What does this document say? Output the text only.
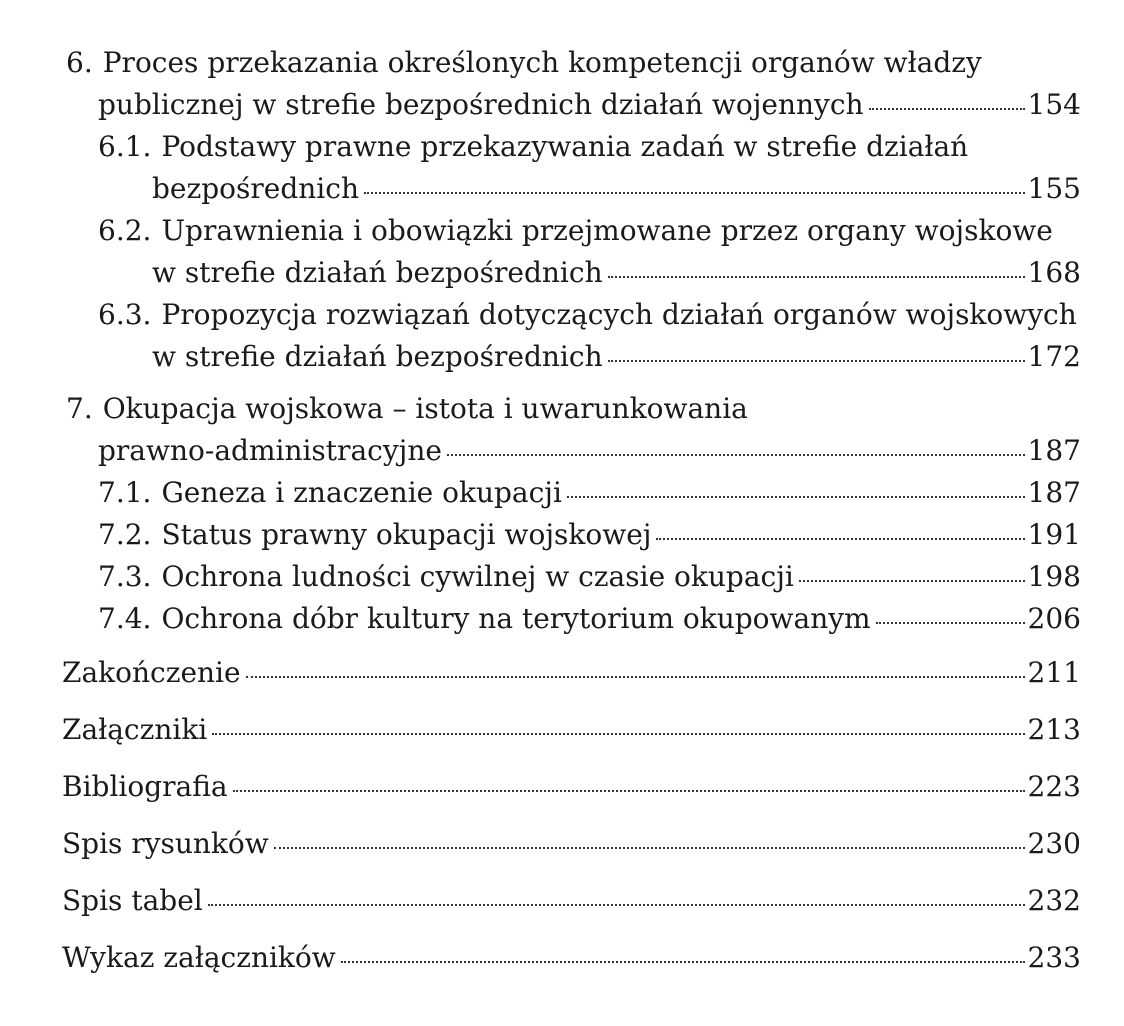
6. Proces przekazania określonych kompetencji organów władzy
publicznej w strefie bezpośrednich działań wojennych	154
6.1. Podstawy prawne przekazywania zadań w strefie działań
bezpośrednich	155
6.2. Uprawnienia i obowiązki przejmowane przez organy wojskowe
w strefie działań bezpośrednich	168
6.3. Propozycja rozwiązań dotyczących działań organów wojskowych
w strefie działań bezpośrednich	172
7. Okupacja wojskowa – istota i uwarunkowania
prawno-administracyjne	187
7.1. Geneza i znaczenie okupacji	187
7.2. Status prawny okupacji wojskowej	191
7.3. Ochrona ludności cywilnej w czasie okupacji	198
7.4. Ochrona dóbr kultury na terytorium okupowanym	206
Zakończenie	211
Załączniki	213
Bibliografia	223
Spis rysunków	230
Spis tabel	232
Wykaz załączników	233
